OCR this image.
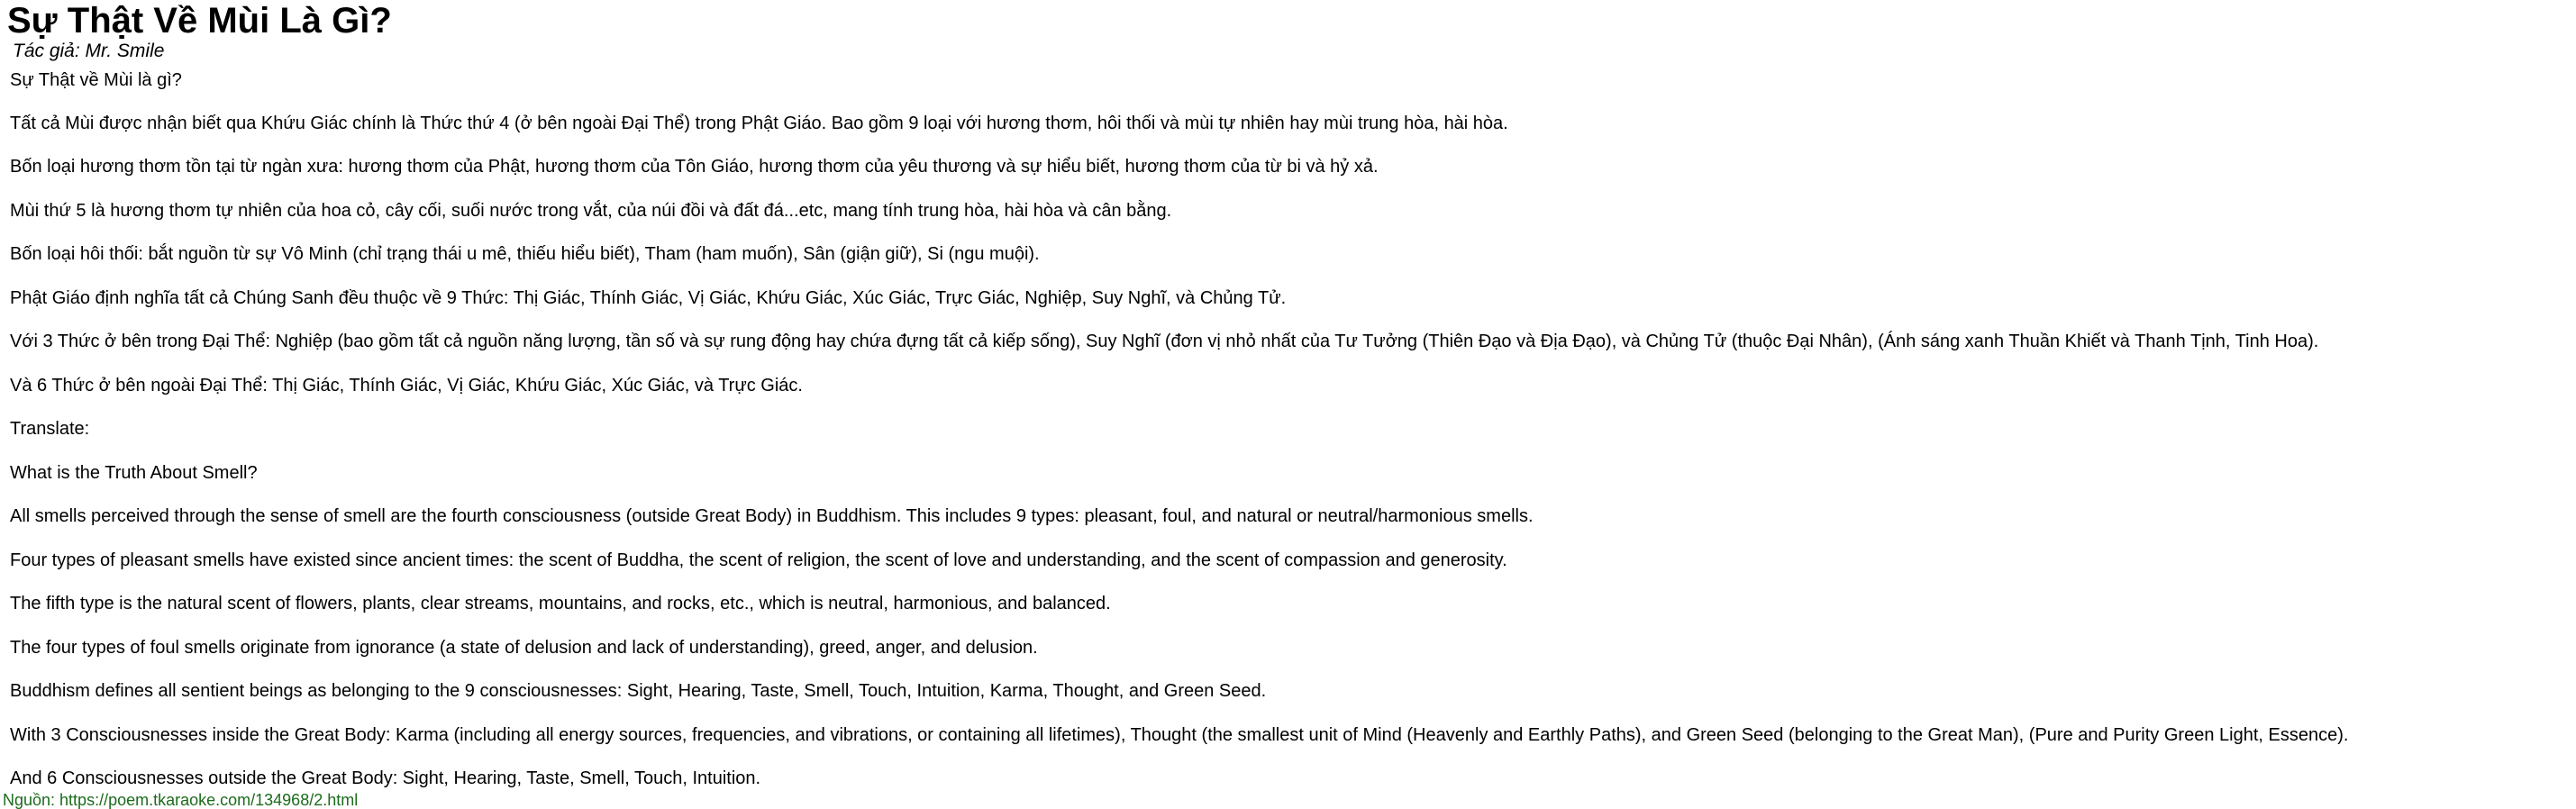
Sự Thật Về Mùi Là Gì?
Tác giả: Mr. Smile

Sự Thật về Mùi là gì?

Tất cả Mùi được nhận biết qua Khứu Giác chính là Thức thứ 4 (ở bên ngoài Đại Thể) trong Phật Giáo. Bao gồm 9 loại với hương thơm, hôi thối và mùi tự nhiên hay mùi trung hòa, hài hòa.

Bốn loại hương thơm tồn tại từ ngàn xưa: hương thơm của Phật, hương thơm của Tôn Giáo, hương thơm của yêu thương và sự hiểu biết, hương thơm của từ bi và hỷ xả.

Mùi thứ 5 là hương thơm tự nhiên của hoa cỏ, cây cối, suối nước trong vắt, của núi đồi và đất đá...etc, mang tính trung hòa, hài hòa và cân bằng.

Bốn loại hôi thối: bắt nguồn từ sự Vô Minh (chỉ trạng thái u mê, thiếu hiểu biết), Tham (ham muốn), Sân (giận giữ), Si (ngu muội).

Phật Giáo định nghĩa tất cả Chúng Sanh đều thuộc về 9 Thức: Thị Giác, Thính Giác, Vị Giác, Khứu Giác, Xúc Giác, Trực Giác, Nghiệp, Suy Nghĩ, và Chủng Tử.

Với 3 Thức ở bên trong Đại Thể: Nghiệp (bao gồm tất cả nguồn năng lượng, tần số và sự rung động hay chứa đựng tất cả kiếp sống), Suy Nghĩ (đơn vị nhỏ nhất của Tư Tưởng (Thiên Đạo và Địa Đạo), và Chủng Tử (thuộc Đại Nhân), (Ánh sáng xanh Thuần Khiết và Thanh Tịnh, Tinh Hoa).

Và 6 Thức ở bên ngoài Đại Thể: Thị Giác, Thính Giác, Vị Giác, Khứu Giác, Xúc Giác, và Trực Giác.

Translate:

What is the Truth About Smell?

All smells perceived through the sense of smell are the fourth consciousness (outside Great Body) in Buddhism. This includes 9 types: pleasant, foul, and natural or neutral/harmonious smells.

Four types of pleasant smells have existed since ancient times: the scent of Buddha, the scent of religion, the scent of love and understanding, and the scent of compassion and generosity.

The fifth type is the natural scent of flowers, plants, clear streams, mountains, and rocks, etc., which is neutral, harmonious, and balanced.

The four types of foul smells originate from ignorance (a state of delusion and lack of understanding), greed, anger, and delusion.

Buddhism defines all sentient beings as belonging to the 9 consciousnesses: Sight, Hearing, Taste, Smell, Touch, Intuition, Karma, Thought, and Green Seed.

With 3 Consciousnesses inside the Great Body: Karma (including all energy sources, frequencies, and vibrations, or containing all lifetimes), Thought (the smallest unit of Mind (Heavenly and Earthly Paths), and Green Seed (belonging to the Great Man), (Pure and Purity Green Light, Essence).

And 6 Consciousnesses outside the Great Body: Sight, Hearing, Taste, Smell, Touch, Intuition.

Nguồn: https://poem.tkaraoke.com/134968/2.html
